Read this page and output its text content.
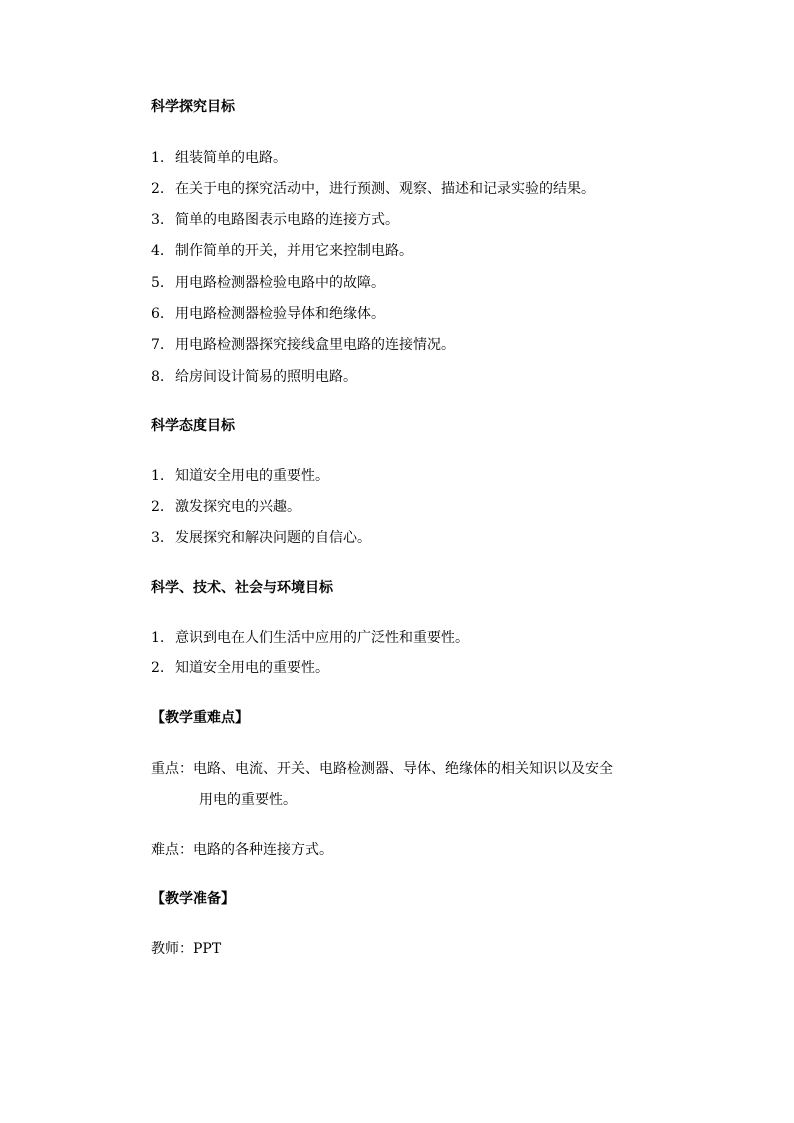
科学探究目标
1. 组装简单的电路。
2. 在关于电的探究活动中，进行预测、观察、描述和记录实验的结果。
3. 简单的电路图表示电路的连接方式。
4. 制作简单的开关，并用它来控制电路。
5. 用电路检测器检验电路中的故障。
6. 用电路检测器检验导体和绝缘体。
7. 用电路检测器探究接线盒里电路的连接情况。
8. 给房间设计简易的照明电路。
科学态度目标
1. 知道安全用电的重要性。
2. 激发探究电的兴趣。
3. 发展探究和解决问题的自信心。
科学、技术、社会与环境目标
1. 意识到电在人们生活中应用的广泛性和重要性。
2. 知道安全用电的重要性。
【教学重难点】
重点：电路、电流、开关、电路检测器、导体、绝缘体的相关知识以及安全
用电的重要性。
难点：电路的各种连接方式。
【教学准备】
教师：PPT
